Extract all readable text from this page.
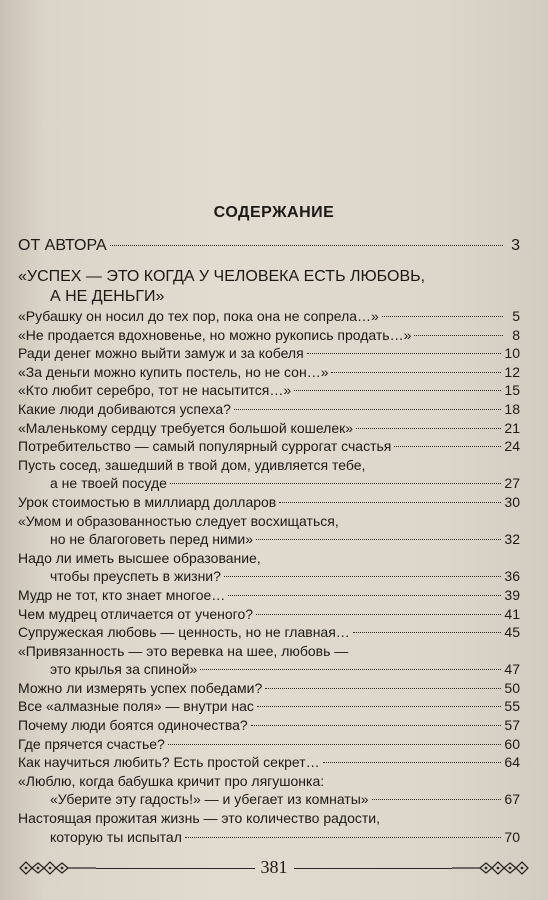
СОДЕРЖАНИЕ
ОТ АВТОРА	3
«УСПЕХ — ЭТО КОГДА У ЧЕЛОВЕКА ЕСТЬ ЛЮБОВЬ,
А НЕ ДЕНЬГИ»
«Рубашку он носил до тех пор, пока она не сопрела…»	5
«Не продается вдохновенье, но можно рукопись продать…»	8
Ради денег можно выйти замуж и за кобеля	10
«За деньги можно купить постель, но не сон…»	12
«Кто любит серебро, тот не насытится…»	15
Какие люди добиваются успеха?	18
«Маленькому сердцу требуется большой кошелек»	21
Потребительство — самый популярный суррогат счастья	24
Пусть сосед, зашедший в твой дом, удивляется тебе,
а не твоей посуде	27
Урок стоимостью в миллиард долларов	30
«Умом и образованностью следует восхищаться,
но не благоговеть перед ними»	32
Надо ли иметь высшее образование,
чтобы преуспеть в жизни?	36
Мудр не тот, кто знает многое…	39
Чем мудрец отличается от ученого?	41
Супружеская любовь — ценность, но не главная…	45
«Привязанность — это веревка на шее, любовь —
это крылья за спиной»	47
Можно ли измерять успех победами?	50
Все «алмазные поля» — внутри нас	55
Почему люди боятся одиночества?	57
Где прячется счастье?	60
Как научиться любить? Есть простой секрет…	64
«Люблю, когда бабушка кричит про лягушонка:
«Уберите эту гадость!» — и убегает из комнаты»	67
Настоящая прожитая жизнь — это количество радости,
которую ты испытал	70
381
